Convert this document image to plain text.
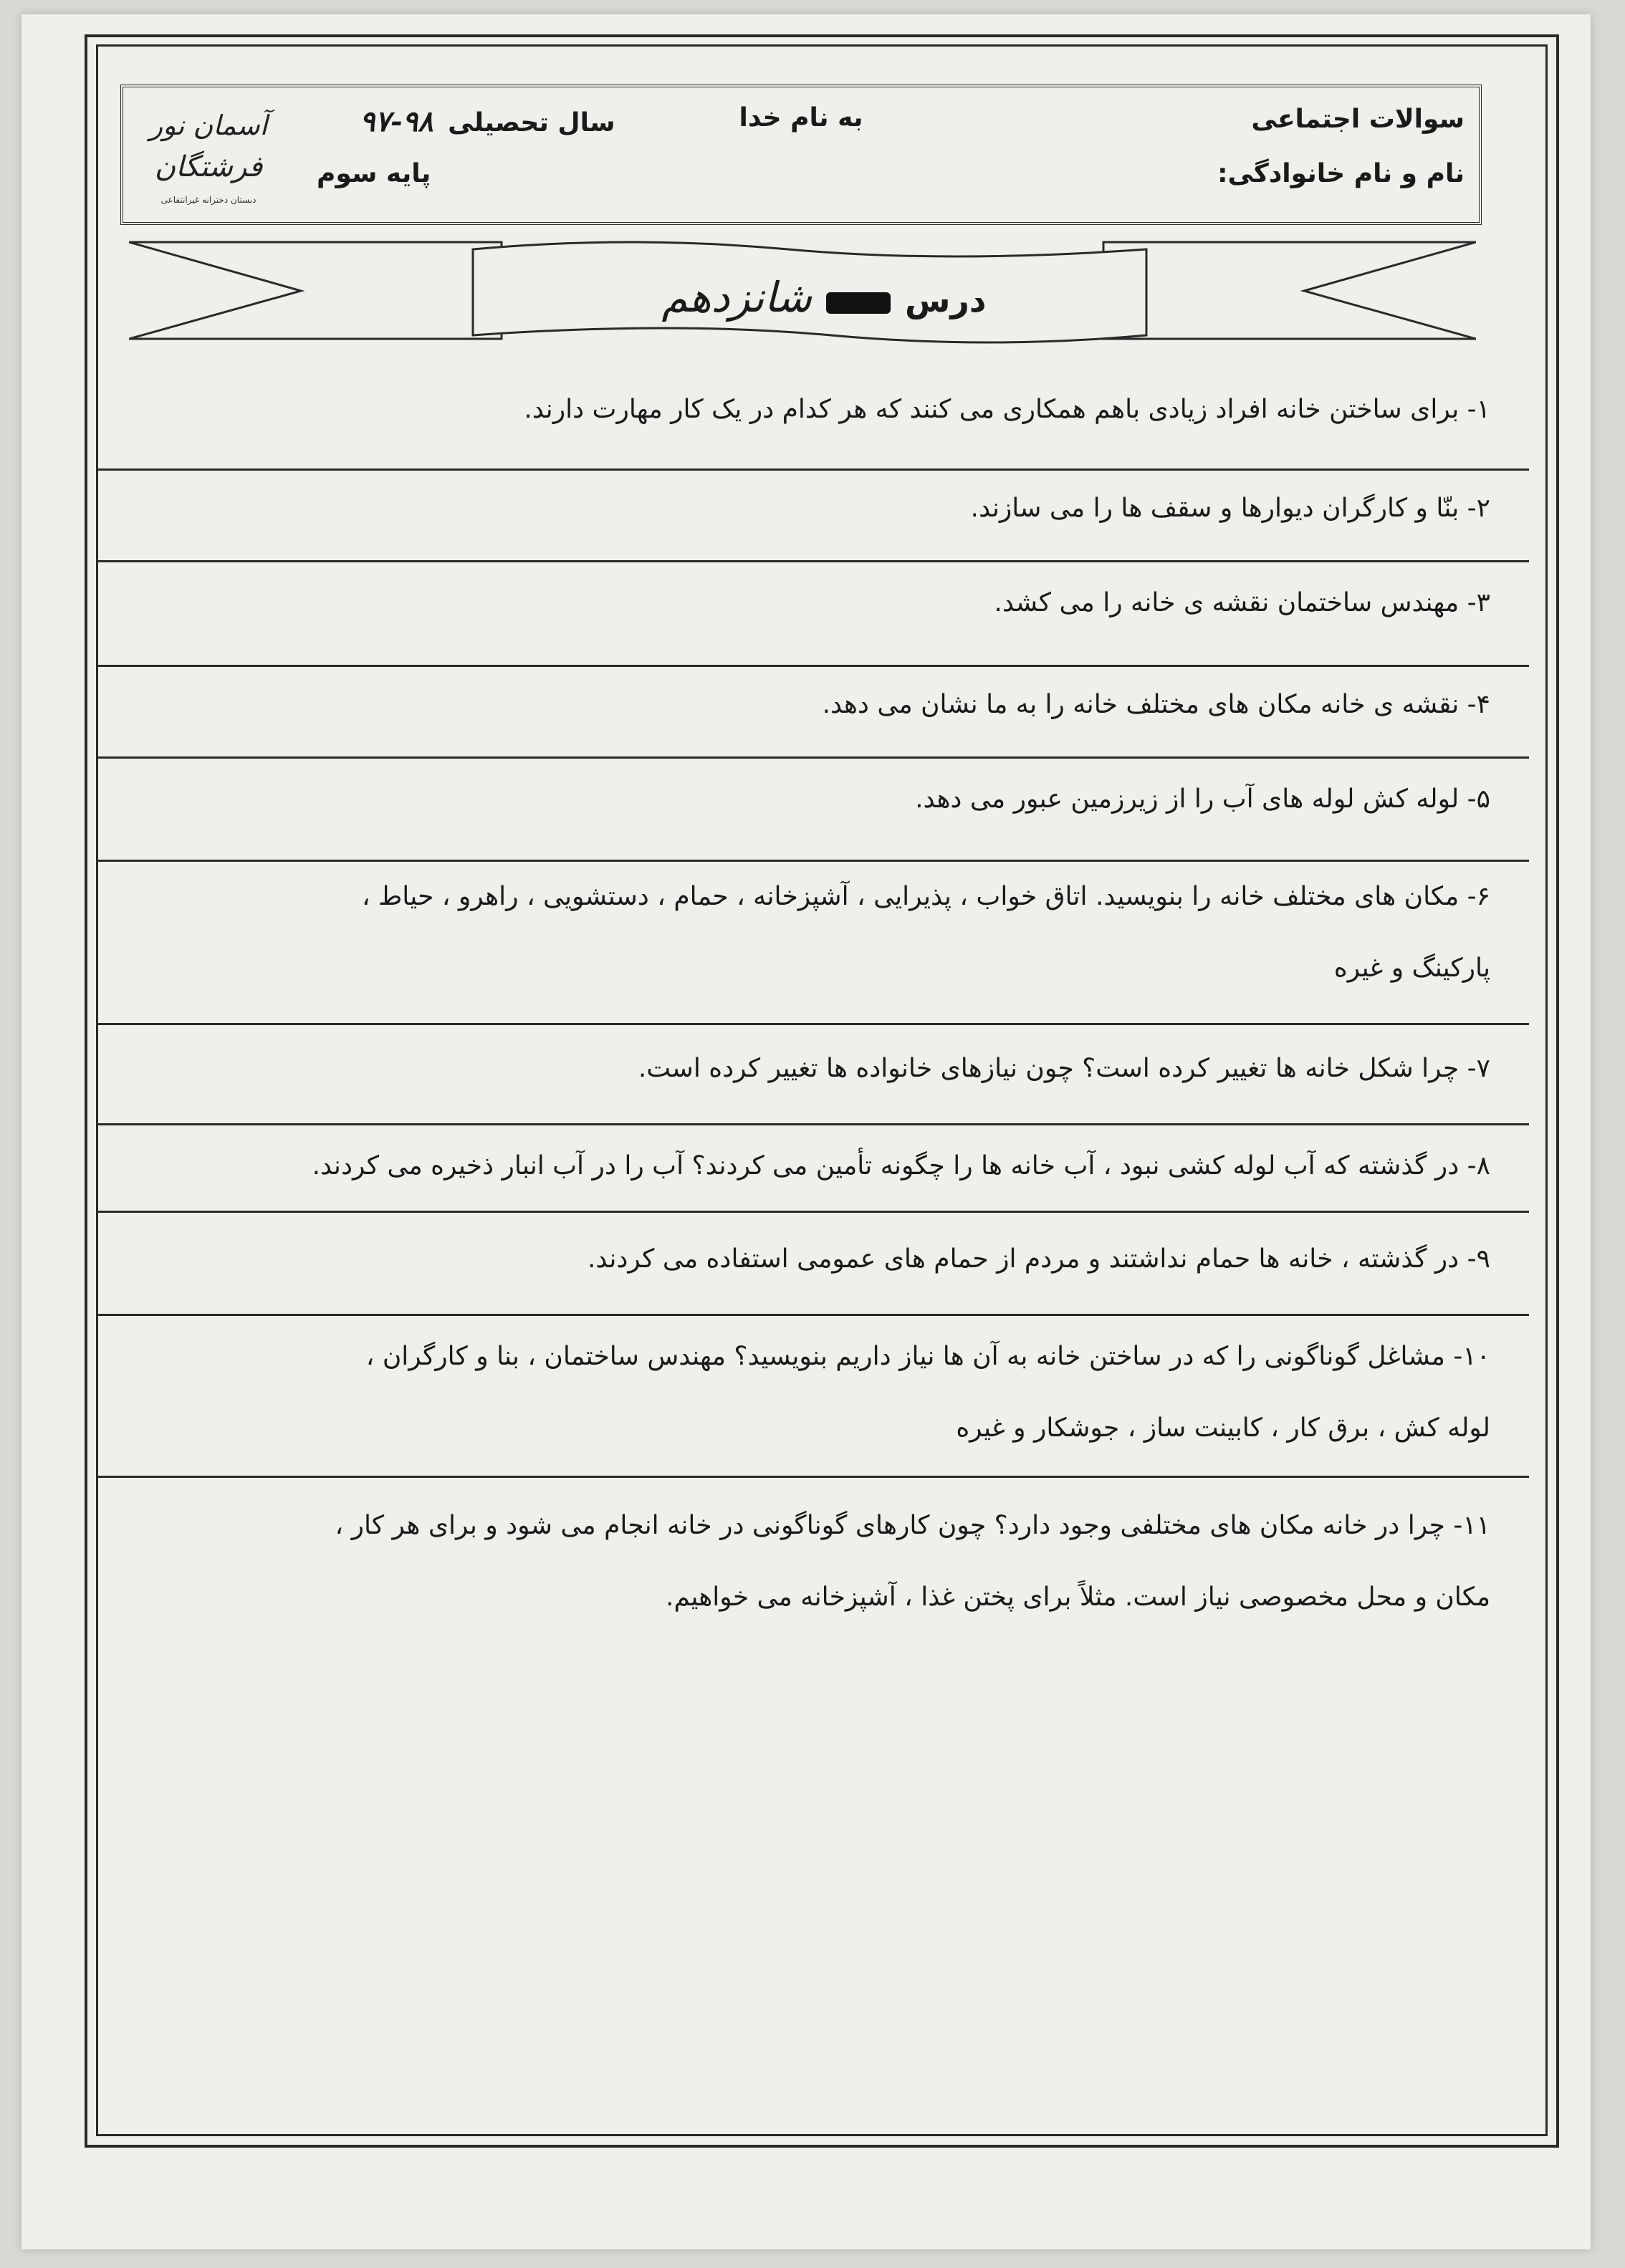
سوالات اجتماعی
نام و نام خانوادگی:
به نام خدا
سال تحصیلی ۹۸-۹۷
پایه سوم
آسمان نور
فرشتگان
دبستان دخترانه غیرانتفاعی
درس  شانزدهم
۱- برای ساختن خانه افراد زیادی باهم همکاری می کنند که هر کدام در یک کار مهارت دارند.
۲- بنّا و کارگران دیوارها و سقف ها را می سازند.
۳- مهندس ساختمان نقشه ی خانه را می کشد.
۴- نقشه ی خانه مکان های مختلف خانه را به ما نشان می دهد.
۵- لوله کش لوله های آب را از زیرزمین عبور می دهد.
۶- مکان های مختلف خانه را بنویسید. اتاق خواب ، پذیرایی ، آشپزخانه ، حمام ، دستشویی ، راهرو ، حیاط ،
پارکینگ و غیره
۷- چرا شکل خانه ها تغییر کرده است؟ چون نیازهای خانواده ها تغییر کرده است.
۸- در گذشته که آب لوله کشی نبود ، آب خانه ها را چگونه تأمین می کردند؟ آب را در آب انبار ذخیره می کردند.
۹- در گذشته ، خانه ها حمام نداشتند و مردم از حمام های عمومی استفاده می کردند.
۱۰- مشاغل گوناگونی را که در ساختن خانه به آن ها نیاز داریم بنویسید؟ مهندس ساختمان ، بنا و کارگران ،
لوله کش ، برق کار ، کابینت ساز ، جوشکار و غیره
۱۱- چرا در خانه مکان های مختلفی وجود دارد؟ چون کارهای گوناگونی در خانه انجام می شود و برای هر کار ،
مکان و محل مخصوصی نیاز است. مثلاً برای پختن غذا ، آشپزخانه می خواهیم.
